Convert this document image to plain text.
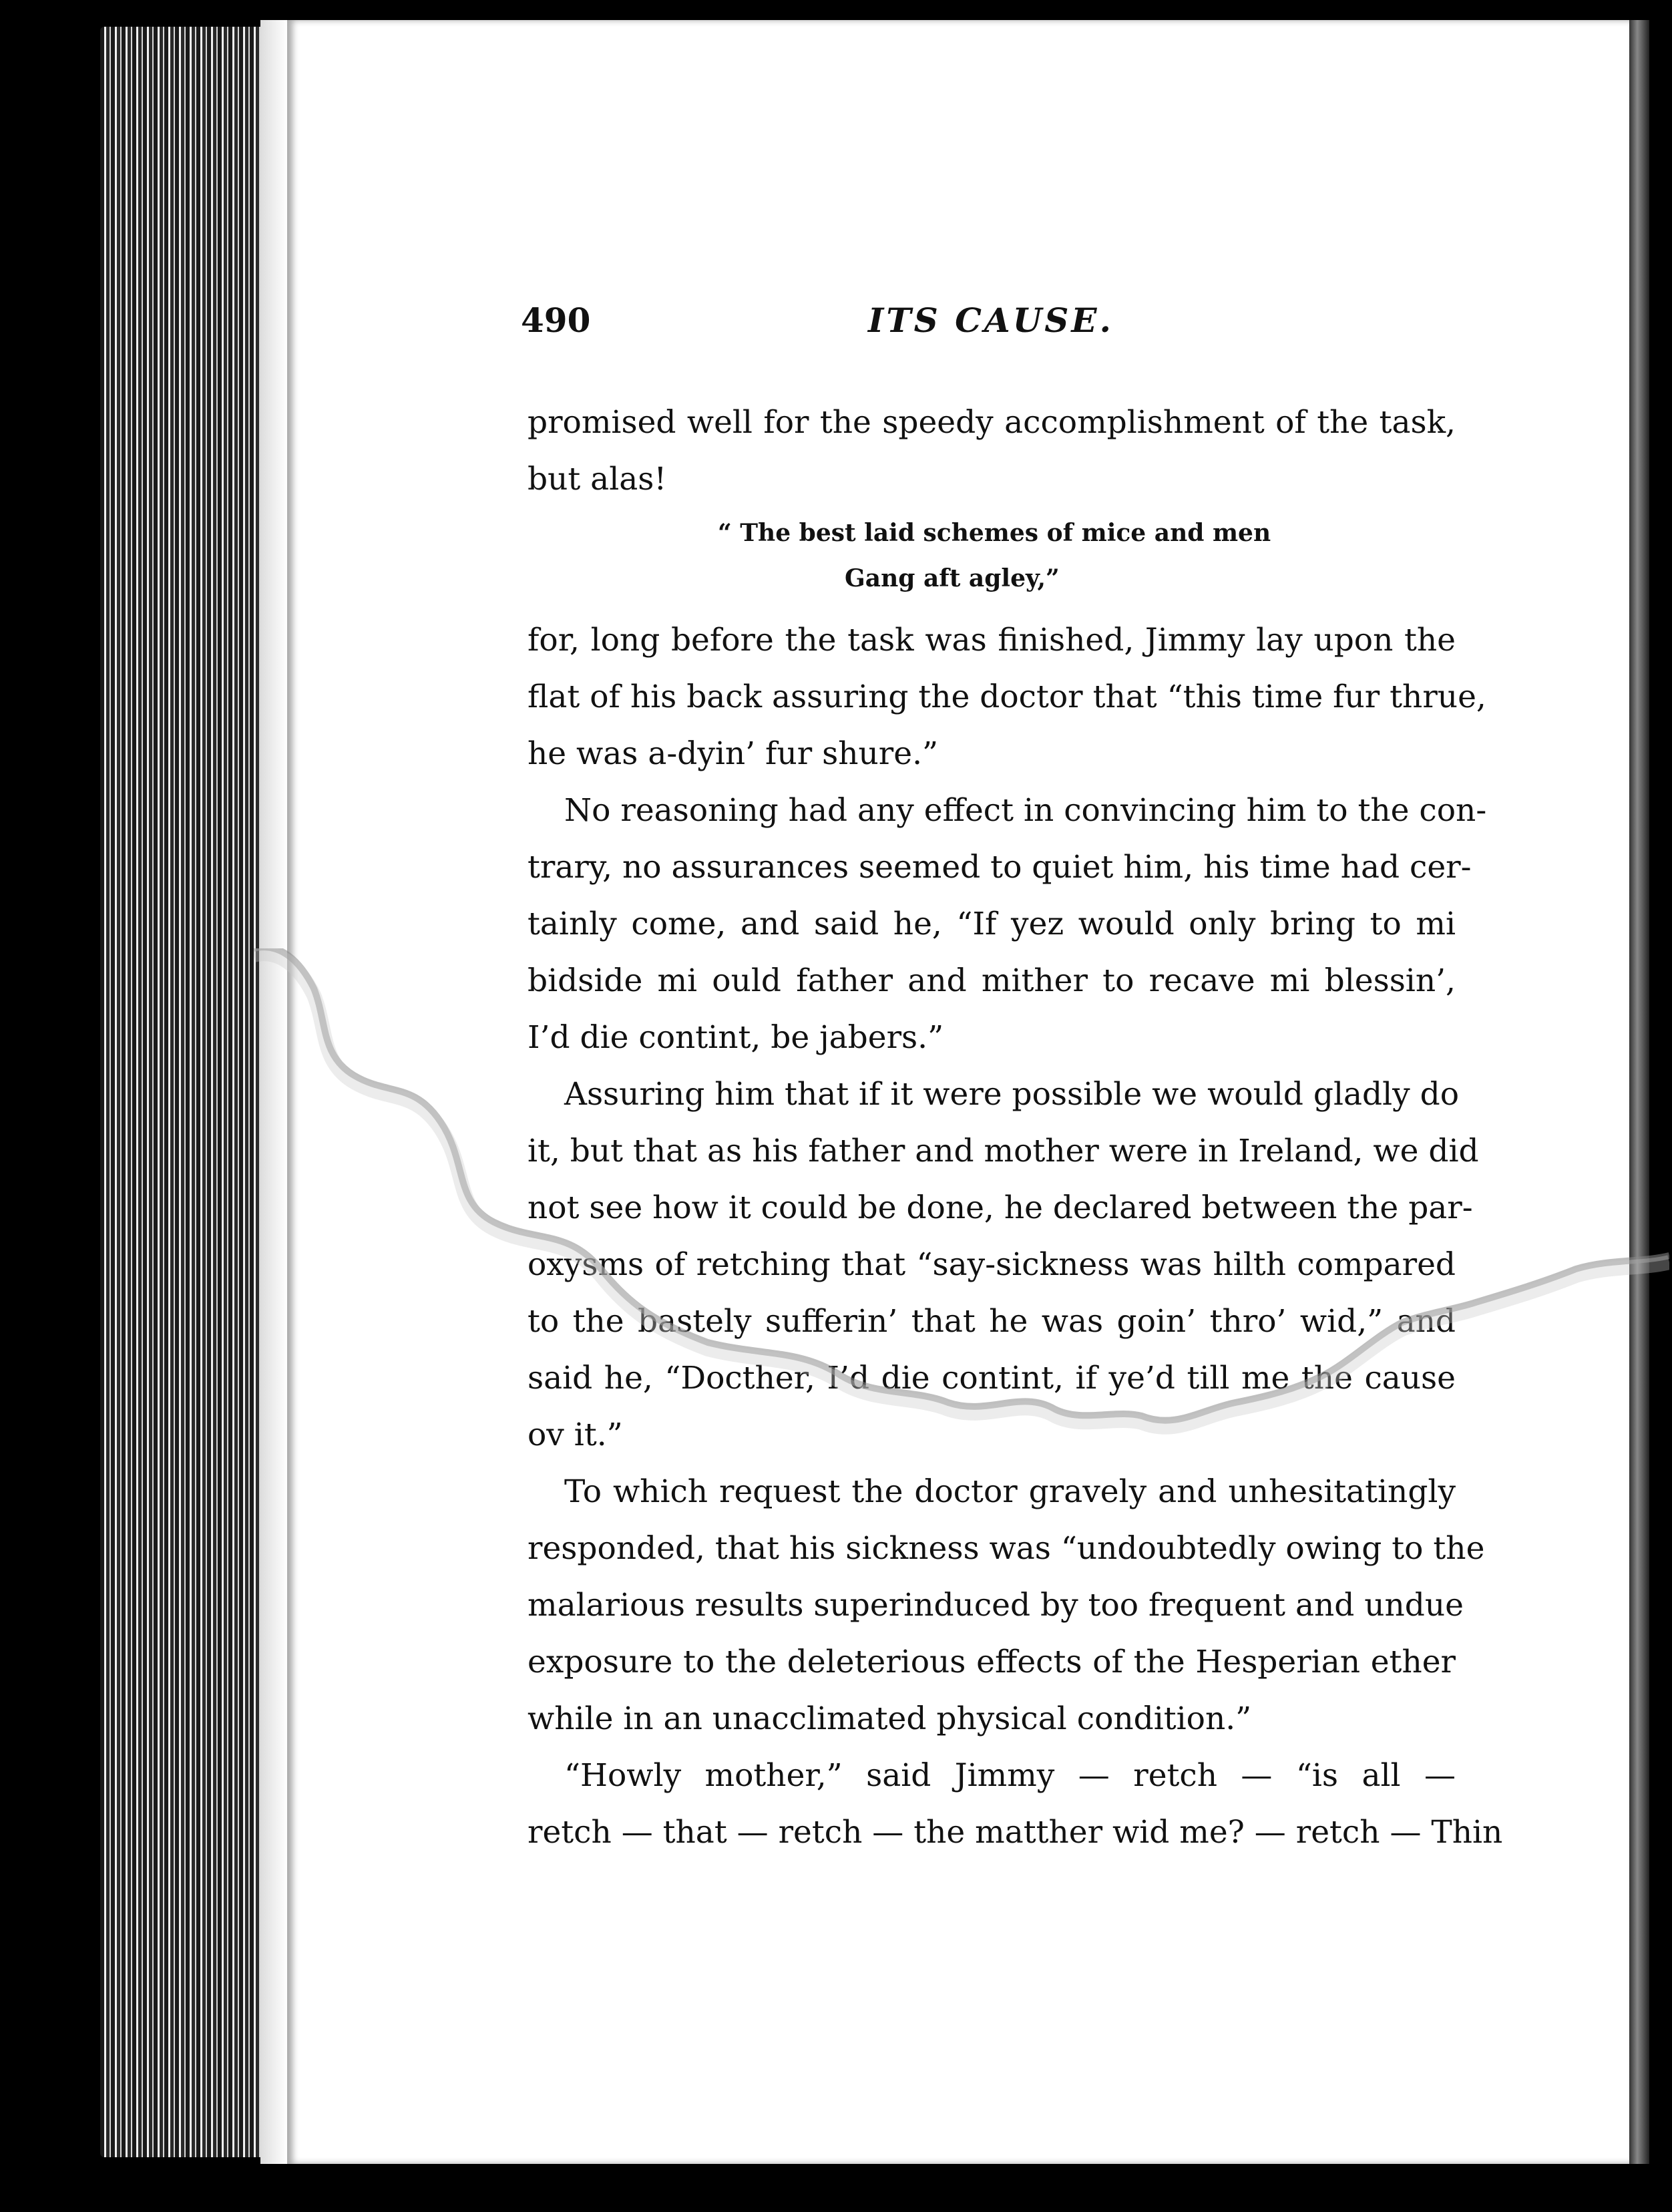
490	ITS CAUSE.
promised well for the speedy accomplishment of the task,
but alas!
“ The best laid schemes of mice and men
Gang aft agley,”
for, long before the task was finished, Jimmy lay upon the
flat of his back assuring the doctor that “this time fur thrue,
he was a-dyin’ fur shure.”
No reasoning had any effect in convincing him to the con-
trary, no assurances seemed to quiet him, his time had cer-
tainly come, and said he, “If yez would only bring to mi
bidside mi ould father and mither to recave mi blessin’,
I’d die contint, be jabers.”
Assuring him that if it were possible we would gladly do
it, but that as his father and mother were in Ireland, we did
not see how it could be done, he declared between the par-
oxysms of retching that “say-sickness was hilth compared
to the bastely sufferin’ that he was goin’ thro’ wid,” and
said he, “Docther, I’d die contint, if ye’d till me the cause
ov it.”
To which request the doctor gravely and unhesitatingly
responded, that his sickness was “undoubtedly owing to the
malarious results superinduced by too frequent and undue
exposure to the deleterious effects of the Hesperian ether
while in an unacclimated physical condition.”
“Howly mother,” said Jimmy — retch — “is all —
retch — that — retch — the matther wid me? — retch — Thin
